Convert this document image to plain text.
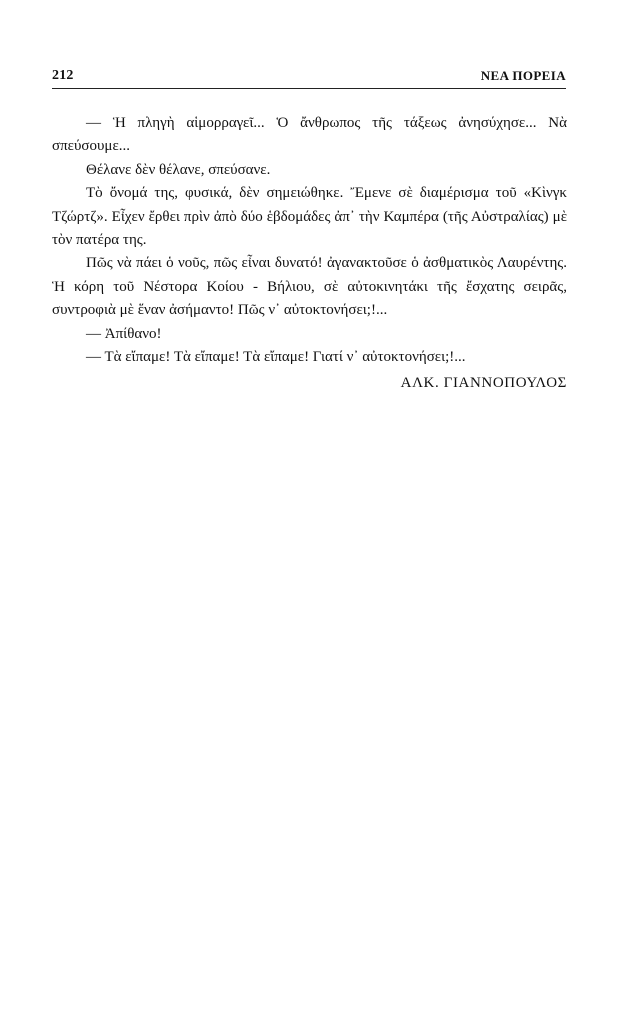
212	ΝΕΑ ΠΟΡΕΙΑ

— Ἡ πληγὴ αἱμορραγεῖ... Ὁ ἄνθρωπος τῆς τάξεως ἀνησύχησε... Νὰ σπεύσουμε...

Θέλανε δὲν θέλανε, σπεύσανε.

Τὸ ὄνομά της, φυσικά, δὲν σημειώθηκε. Ἔμενε σὲ διαμέρισμα τοῦ «Κὶνγκ Τζώρτζ». Εἶχεν ἔρθει πρὶν ἀπὸ δύο ἑβδομάδες ἀπ᾽ τὴν Καμπέρα (τῆς Αὐστραλίας) μὲ τὸν πατέρα της.

Πῶς νὰ πάει ὁ νοῦς, πῶς εἶναι δυνατό! ἀγανακτοῦσε ὁ ἀσθματικὸς Λαυρέντης. Ἡ κόρη τοῦ Νέστορα Κοίου - Βήλιου, σὲ αὐτοκινητάκι τῆς ἔσχατης σειρᾶς, συντροφιὰ μὲ ἕναν ἀσήμαντο! Πῶς ν᾽ αὐτοκτονήσει;!...

— Ἀπίθανο!

— Τὰ εἴπαμε! Τὰ εἴπαμε! Τὰ εἴπαμε! Γιατί ν᾽ αὐτοκτονήσει;!...

ΑΛΚ. ΓΙΑΝΝΟΠΟΥΛΟΣ
